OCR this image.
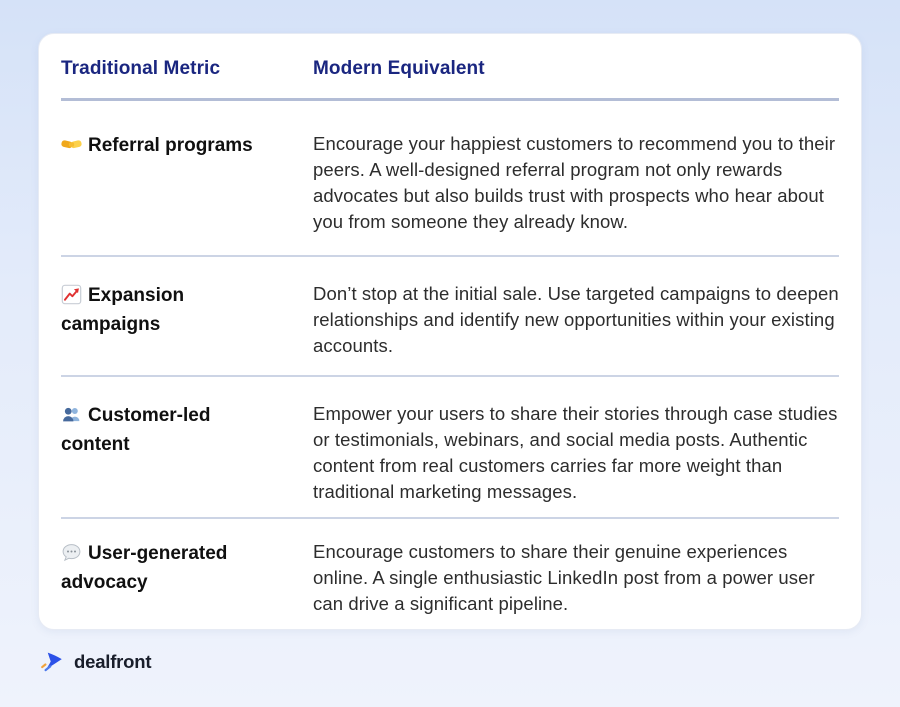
Traditional Metric	Modern Equivalent
Referral programs	Encourage your happiest customers to recommend you to their peers. A well-designed referral program not only rewards advocates but also builds trust with prospects who hear about you from someone they already know.
Expansion campaigns
Don’t stop at the initial sale. Use targeted campaigns to deepen relationships and identify new opportunities within your existing accounts.
Customer-led content
Empower your users to share their stories through case studies or testimonials, webinars, and social media posts. Authentic content from real customers carries far more weight than traditional marketing messages.
User-generated advocacy
Encourage customers to share their genuine experiences online. A single enthusiastic LinkedIn post from a power user can drive a significant pipeline.
dealfront
